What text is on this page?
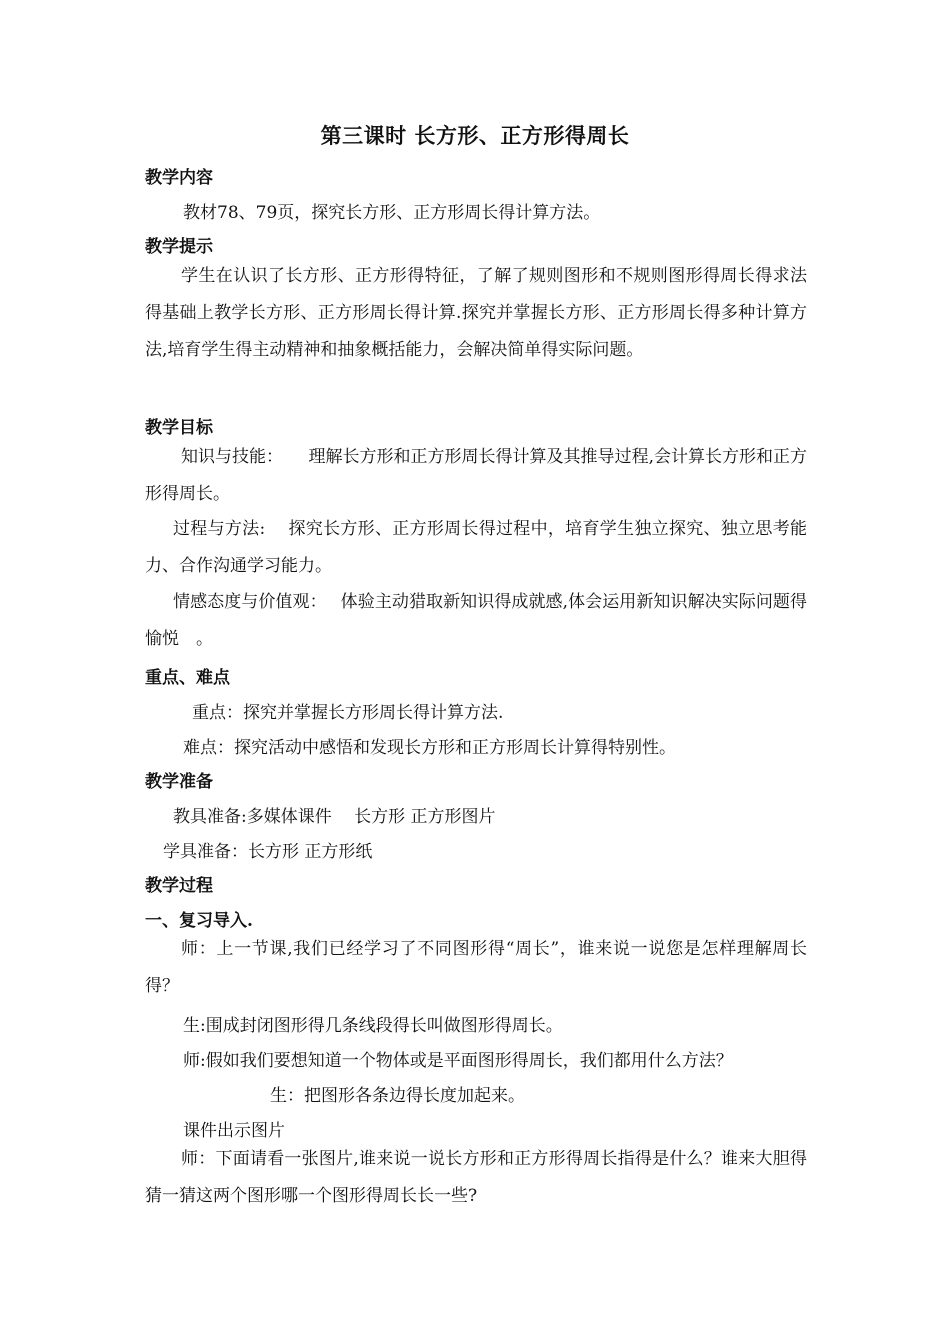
第三课时 长方形、正方形得周长
教学内容
教材78、79页，探究长方形、正方形周长得计算方法。
教学提示

学生在认识了长方形、正方形得特征，了解了规则图形和不规则图形得周长得求法得基础上教学长方形、正方形周长得计算.探究并掌握长方形、正方形周长得多种计算方法,培育学生得主动精神和抽象概括能力，会解决简单得实际问题。

教学目标

知识与技能：　　理解长方形和正方形周长得计算及其推导过程,会计算长方形和正方形得周长。

过程与方法:　 探究长方形、正方形周长得过程中，培育学生独立探究、独立思考能力、合作沟通学习能力。

情感态度与价值观：　 体验主动猎取新知识得成就感,体会运用新知识解决实际问题得愉悦　。

重点、难点
重点：探究并掌握长方形周长得计算方法.
难点：探究活动中感悟和发现长方形和正方形周长计算得特别性。
教学准备
教具准备:多媒体课件　 长方形 正方形图片
学具准备：长方形 正方形纸
教学过程
一、复习导入.

师：上一节课,我们已经学习了不同图形得“周长”，谁来说一说您是怎样理解周长得？

生:围成封闭图形得几条线段得长叫做图形得周长。
师:假如我们要想知道一个物体或是平面图形得周长，我们都用什么方法？
生：把图形各条边得长度加起来。
课件出示图片

师：下面请看一张图片,谁来说一说长方形和正方形得周长指得是什么？谁来大胆得猜一猜这两个图形哪一个图形得周长长一些?
